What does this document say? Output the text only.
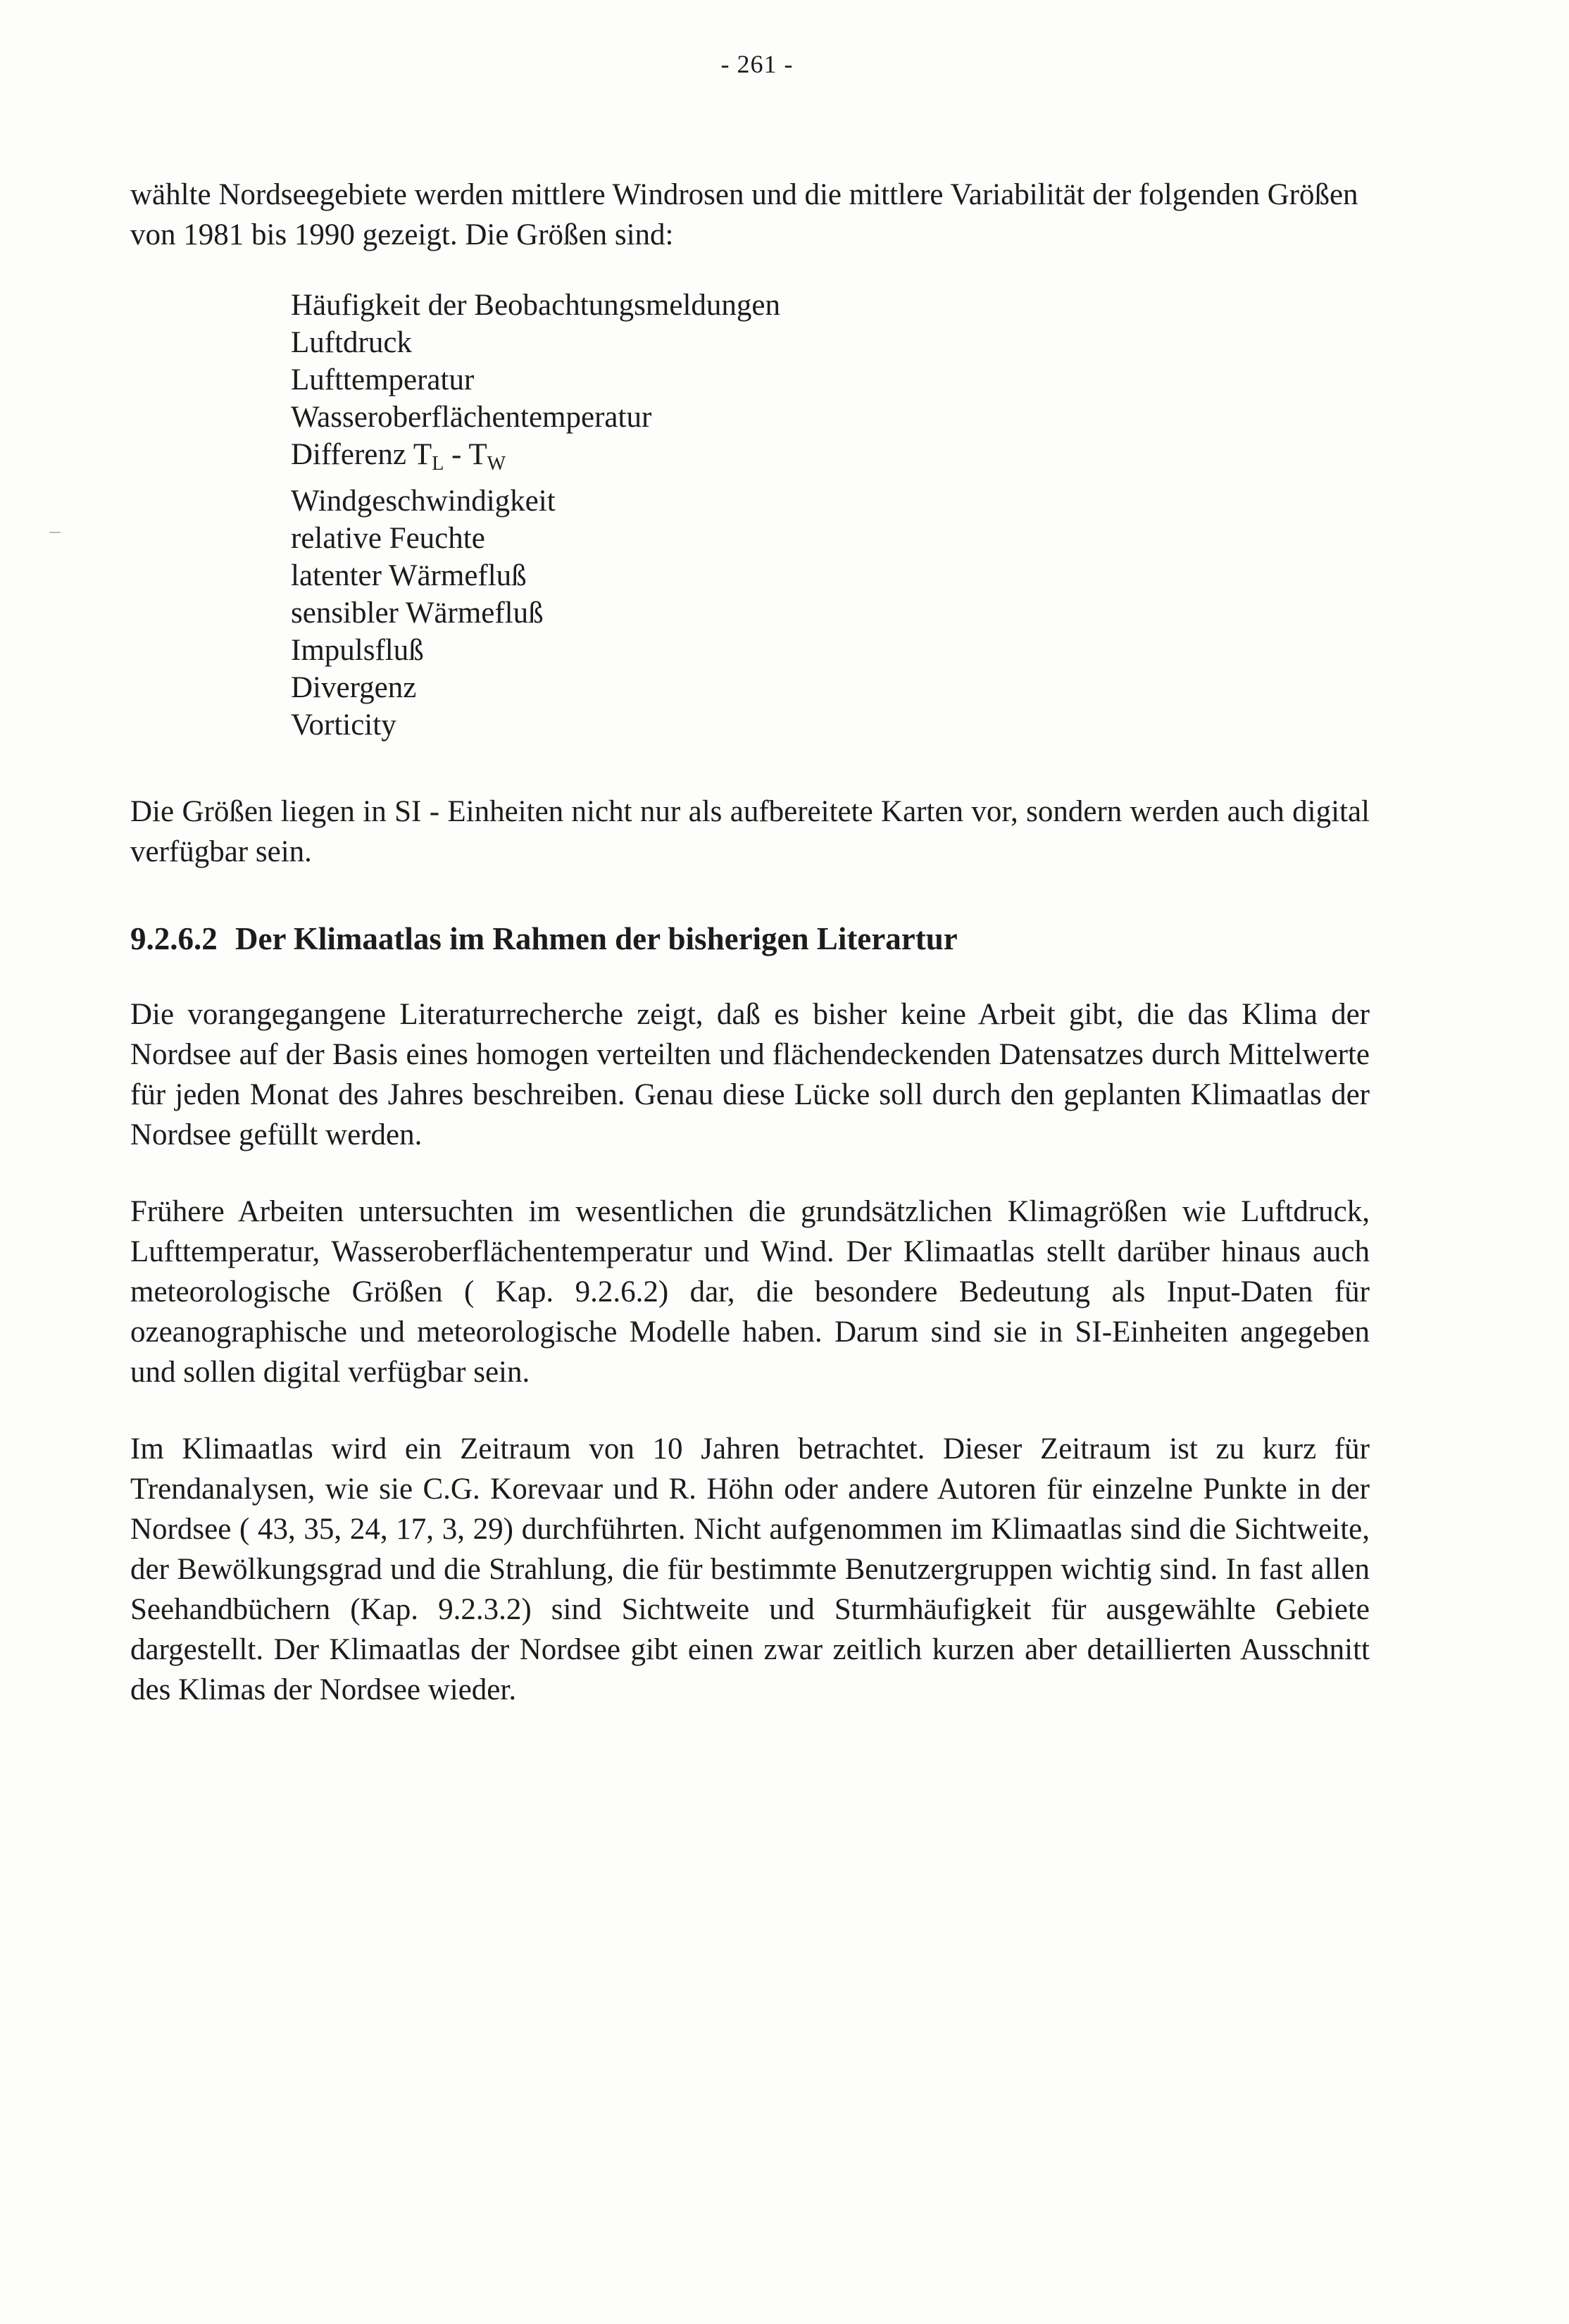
- 261 -

wählte Nordseegebiete werden mittlere Windrosen und die mittlere Variabilität der folgenden Größen von 1981 bis 1990 gezeigt. Die Größen sind:

Häufigkeit der Beobachtungsmeldungen
Luftdruck
Lufttemperatur
Wasseroberflächentemperatur
Differenz $T_L - T_W$
Windgeschwindigkeit
relative Feuchte
latenter Wärmefluß
sensibler Wärmefluß
Impulsfluß
Divergenz
Vorticity

Die Größen liegen in SI - Einheiten nicht nur als aufbereitete Karten vor, sondern werden auch digital verfügbar sein.

9.2.6.2 Der Klimaatlas im Rahmen der bisherigen Literartur

Die vorangegangene Literaturrecherche zeigt, daß es bisher keine Arbeit gibt, die das Klima der Nordsee auf der Basis eines homogen verteilten und flächendeckenden Datensatzes durch Mittelwerte für jeden Monat des Jahres beschreiben. Genau diese Lücke soll durch den geplanten Klimaatlas der Nordsee gefüllt werden.

Frühere Arbeiten untersuchten im wesentlichen die grundsätzlichen Klimagrößen wie Luftdruck, Lufttemperatur, Wasseroberflächentemperatur und Wind. Der Klimaatlas stellt darüber hinaus auch meteorologische Größen ( Kap. 9.2.6.2) dar, die besondere Bedeutung als Input-Daten für ozeanographische und meteorologische Modelle haben. Darum sind sie in SI-Einheiten angegeben und sollen digital verfügbar sein.

Im Klimaatlas wird ein Zeitraum von 10 Jahren betrachtet. Dieser Zeitraum ist zu kurz für Trendanalysen, wie sie C.G. Korevaar und R. Höhn oder andere Autoren für einzelne Punkte in der Nordsee ( 43, 35, 24, 17, 3, 29) durchführten. Nicht aufgenommen im Klimaatlas sind die Sichtweite, der Bewölkungsgrad und die Strahlung, die für bestimmte Benutzergruppen wichtig sind. In fast allen Seehandbüchern (Kap. 9.2.3.2) sind Sichtweite und Sturmhäufigkeit für ausgewählte Gebiete dargestellt. Der Klimaatlas der Nordsee gibt einen zwar zeitlich kurzen aber detaillierten Ausschnitt des Klimas der Nordsee wieder.
